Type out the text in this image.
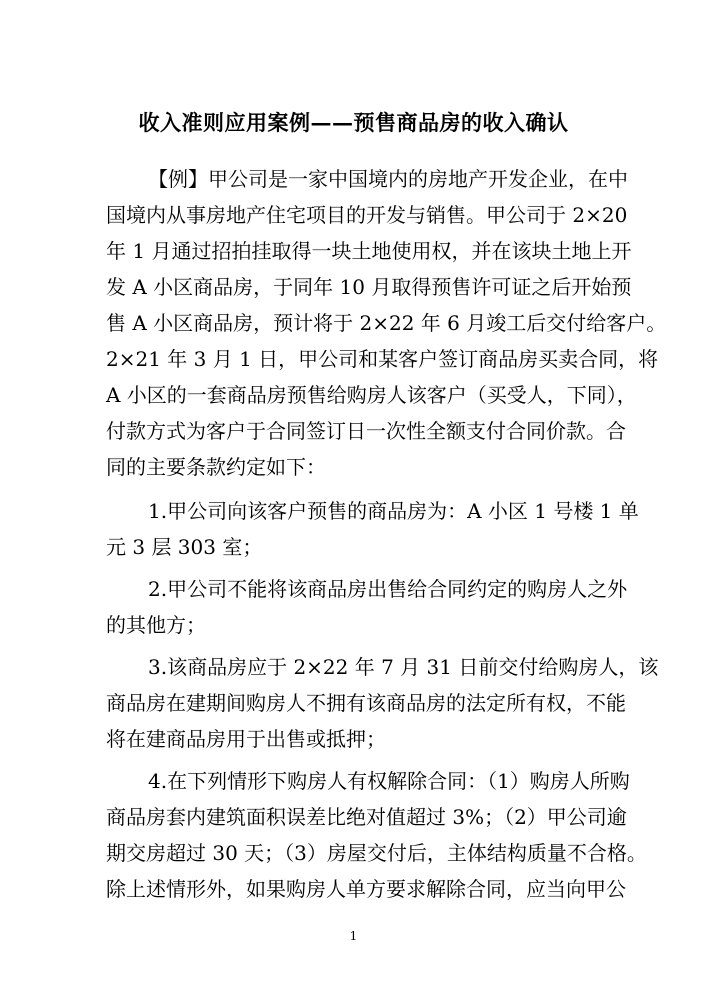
收入准则应用案例——预售商品房的收入确认
【例】甲公司是一家中国境内的房地产开发企业，在中
国境内从事房地产住宅项目的开发与销售。甲公司于 2×20
年 1 月通过招拍挂取得一块土地使用权，并在该块土地上开
发 A 小区商品房，于同年 10 月取得预售许可证之后开始预
售 A 小区商品房，预计将于 2×22 年 6 月竣工后交付给客户。
2×21 年 3 月 1 日，甲公司和某客户签订商品房买卖合同，将
A 小区的一套商品房预售给购房人该客户（买受人，下同），
付款方式为客户于合同签订日一次性全额支付合同价款。合
同的主要条款约定如下：
1.甲公司向该客户预售的商品房为：A 小区 1 号楼 1 单
元 3 层 303 室；
2.甲公司不能将该商品房出售给合同约定的购房人之外
的其他方；
3.该商品房应于 2×22 年 7 月 31 日前交付给购房人，该
商品房在建期间购房人不拥有该商品房的法定所有权，不能
将在建商品房用于出售或抵押；
4.在下列情形下购房人有权解除合同：（1）购房人所购
商品房套内建筑面积误差比绝对值超过 3%；（2）甲公司逾
期交房超过 30 天；（3）房屋交付后，主体结构质量不合格。
除上述情形外，如果购房人单方要求解除合同，应当向甲公
1
